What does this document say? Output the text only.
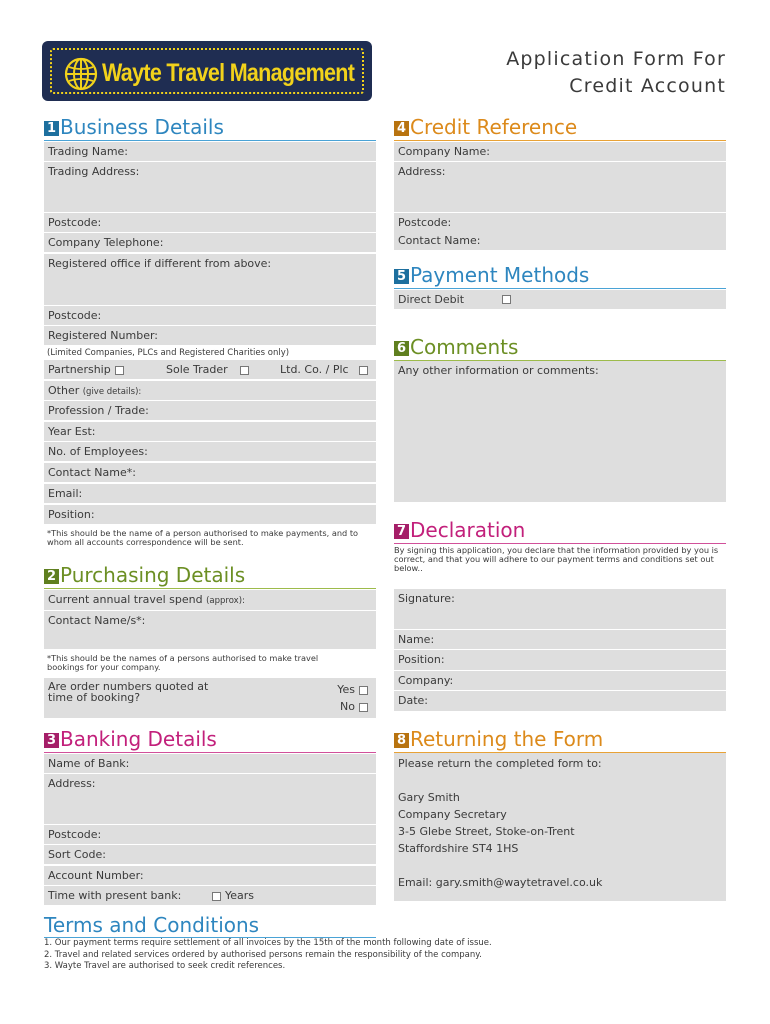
Wayte Travel Management	Application Form For
Credit Account
1 Business Details
Trading Name:
Trading Address:
Postcode:
Company Telephone:
Registered office if different from above:
Postcode:
Registered Number:
(Limited Companies, PLCs and Registered Charities only)
Partnership	Sole Trader	Ltd. Co. / Plc
Other (give details):
Profession / Trade:
Year Est:
No. of Employees:
Contact Name*:
Email:
Position:
*This should be the name of a person authorised to make payments, and to whom all accounts correspondence will be sent.
2 Purchasing Details
Current annual travel spend (approx):
Contact Name/s*:
*This should be the names of a persons authorised to make travel bookings for your company.
Are order numbers quoted at time of booking?
Yes
No
3 Banking Details
Name of Bank:
Address:
Postcode:
Sort Code:
Account Number:
Time with present bank:	Years
Terms and Conditions
1. Our payment terms require settlement of all invoices by the 15th of the month following date of issue.
2. Travel and related services ordered by authorised persons remain the responsibility of the company.
3. Wayte Travel are authorised to seek credit references.
4 Credit Reference
Company Name:
Address:
Postcode:
Contact Name:
5 Payment Methods
Direct Debit
6 Comments
Any other information or comments:
7 Declaration
By signing this application, you declare that the information provided by you is correct, and that you will adhere to our payment terms and conditions set out below..
Signature:
Name:
Position:
Company:
Date:
8 Returning the Form
Please return the completed form to:
Gary Smith
Company Secretary
3-5 Glebe Street, Stoke-on-Trent
Staffordshire ST4 1HS
Email: gary.smith@waytetravel.co.uk
